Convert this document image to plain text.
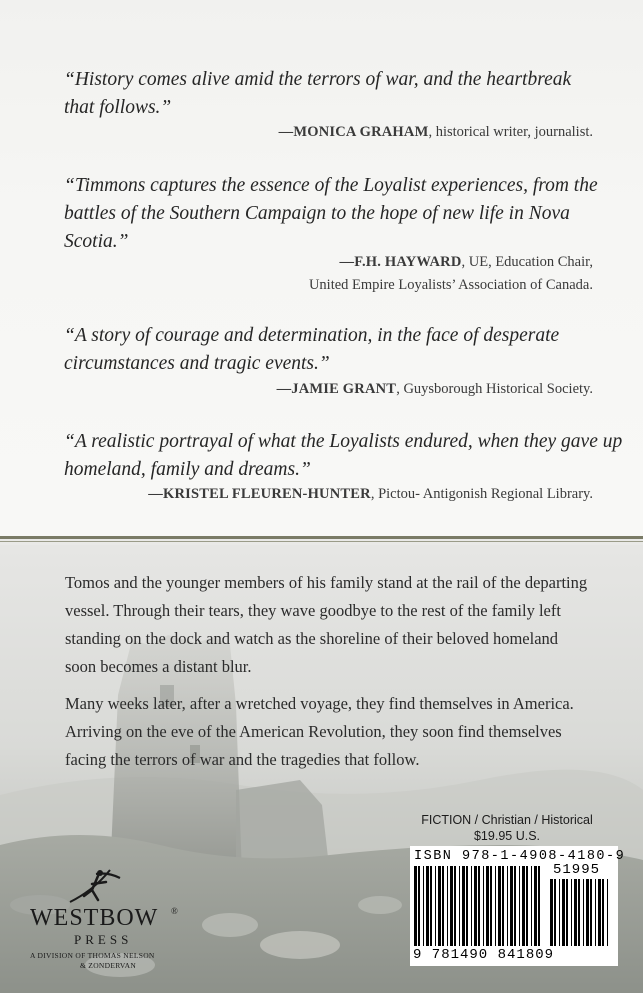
“History comes alive amid the terrors of war, and the heartbreak that follows.”

—MONICA GRAHAM, historical writer, journalist.

“Timmons captures the essence of the Loyalist experiences, from the battles of the Southern Campaign to the hope of new life in Nova Scotia.”

—F.H. HAYWARD, UE, Education Chair,

United Empire Loyalists’ Association of Canada.

“A story of courage and determination, in the face of desperate circumstances and tragic events.”

—JAMIE GRANT, Guysborough Historical Society.

“A realistic portrayal of what the Loyalists endured, when they gave up homeland, family and dreams.”

—KRISTEL FLEUREN-HUNTER, Pictou- Antigonish Regional Library.

Tomos and the younger members of his family stand at the rail of the departing vessel. Through their tears, they wave goodbye to the rest of the family left standing on the dock and watch as the shoreline of their beloved homeland soon becomes a distant blur.

Many weeks later, after a wretched voyage, they find themselves in America. Arriving on the eve of the American Revolution, they soon find themselves facing the terrors of war and the tragedies that follow.

FICTION / Christian / Historical
$19.95 U.S.
ISBN 978-1-4908-4180-9
51995
9 781490 841809
WESTBOW ®
PRESS
A DIVISION OF THOMAS NELSON
& ZONDERVAN
